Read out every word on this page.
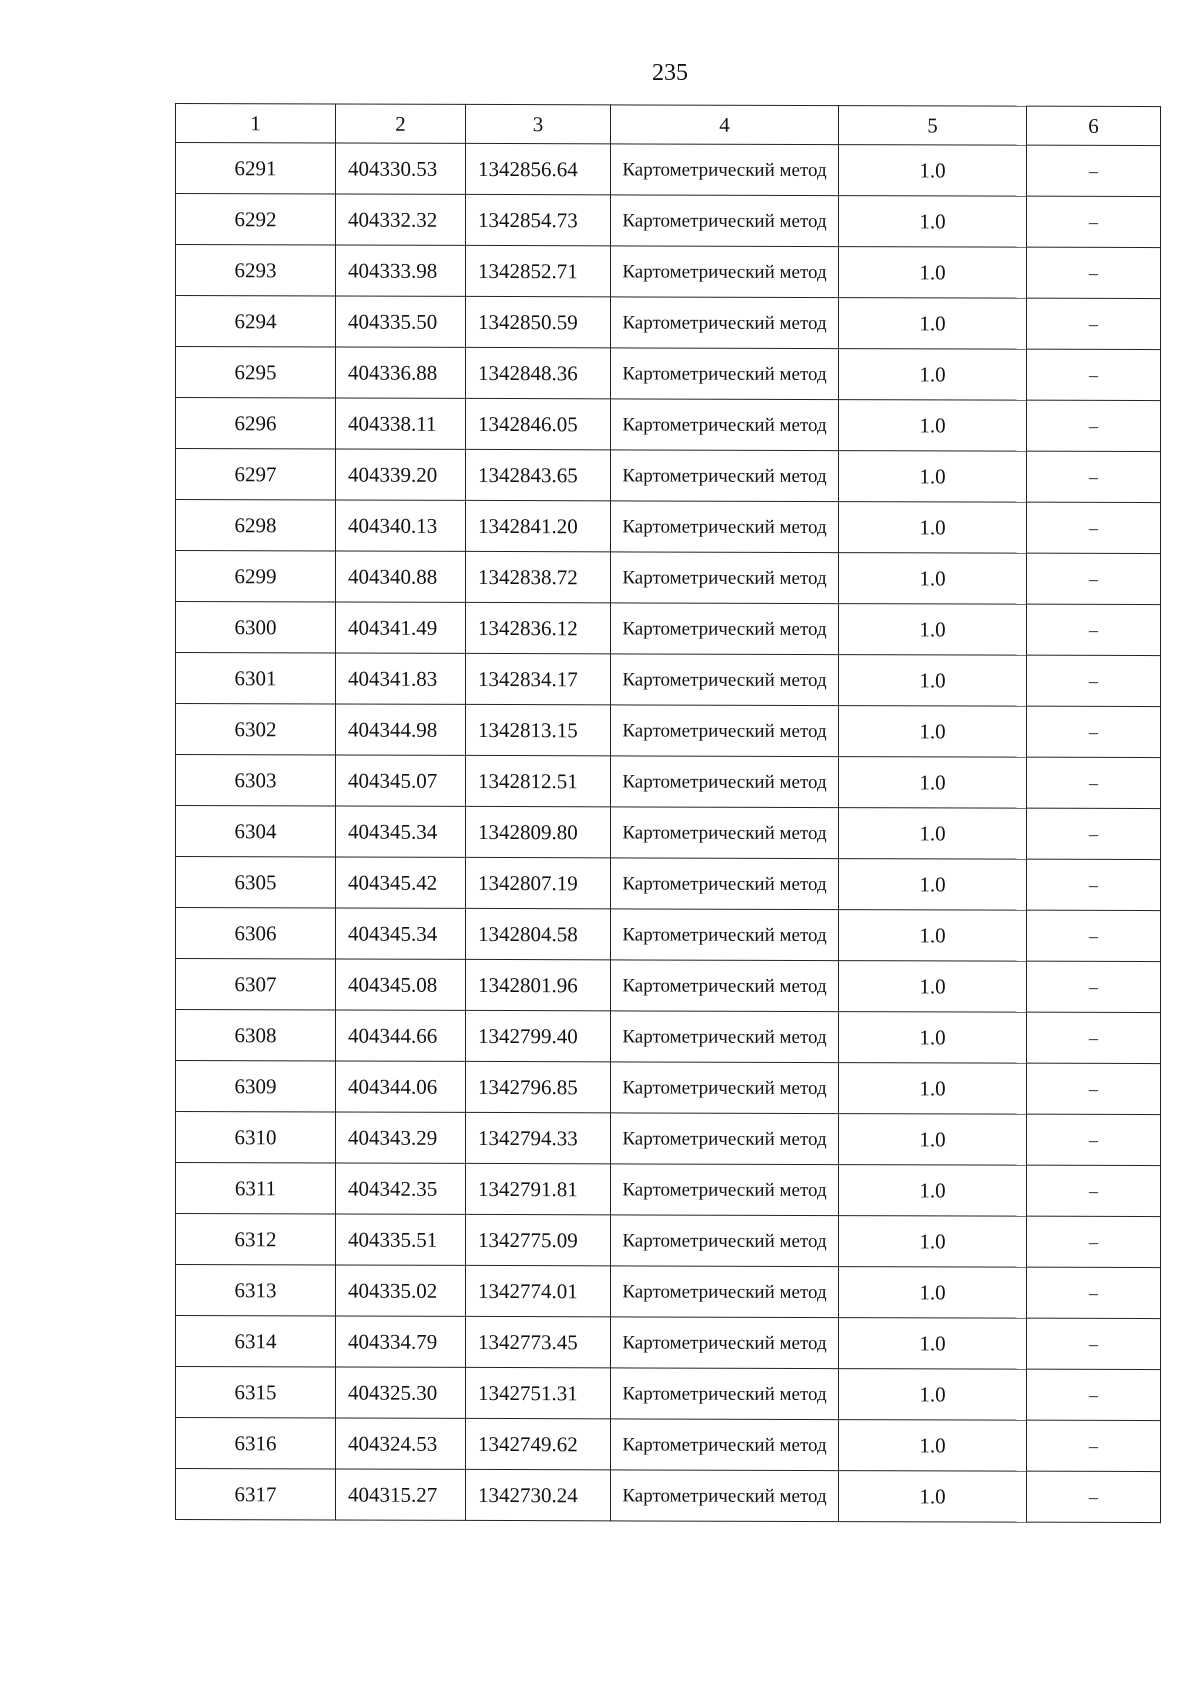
235
1	2	3	4	5	6
6291	404330.53	1342856.64	Картометрический метод	1.0	–
6292	404332.32	1342854.73	Картометрический метод	1.0	–
6293	404333.98	1342852.71	Картометрический метод	1.0	–
6294	404335.50	1342850.59	Картометрический метод	1.0	–
6295	404336.88	1342848.36	Картометрический метод	1.0	–
6296	404338.11	1342846.05	Картометрический метод	1.0	–
6297	404339.20	1342843.65	Картометрический метод	1.0	–
6298	404340.13	1342841.20	Картометрический метод	1.0	–
6299	404340.88	1342838.72	Картометрический метод	1.0	–
6300	404341.49	1342836.12	Картометрический метод	1.0	–
6301	404341.83	1342834.17	Картометрический метод	1.0	–
6302	404344.98	1342813.15	Картометрический метод	1.0	–
6303	404345.07	1342812.51	Картометрический метод	1.0	–
6304	404345.34	1342809.80	Картометрический метод	1.0	–
6305	404345.42	1342807.19	Картометрический метод	1.0	–
6306	404345.34	1342804.58	Картометрический метод	1.0	–
6307	404345.08	1342801.96	Картометрический метод	1.0	–
6308	404344.66	1342799.40	Картометрический метод	1.0	–
6309	404344.06	1342796.85	Картометрический метод	1.0	–
6310	404343.29	1342794.33	Картометрический метод	1.0	–
6311	404342.35	1342791.81	Картометрический метод	1.0	–
6312	404335.51	1342775.09	Картометрический метод	1.0	–
6313	404335.02	1342774.01	Картометрический метод	1.0	–
6314	404334.79	1342773.45	Картометрический метод	1.0	–
6315	404325.30	1342751.31	Картометрический метод	1.0	–
6316	404324.53	1342749.62	Картометрический метод	1.0	–
6317	404315.27	1342730.24	Картометрический метод	1.0	–
